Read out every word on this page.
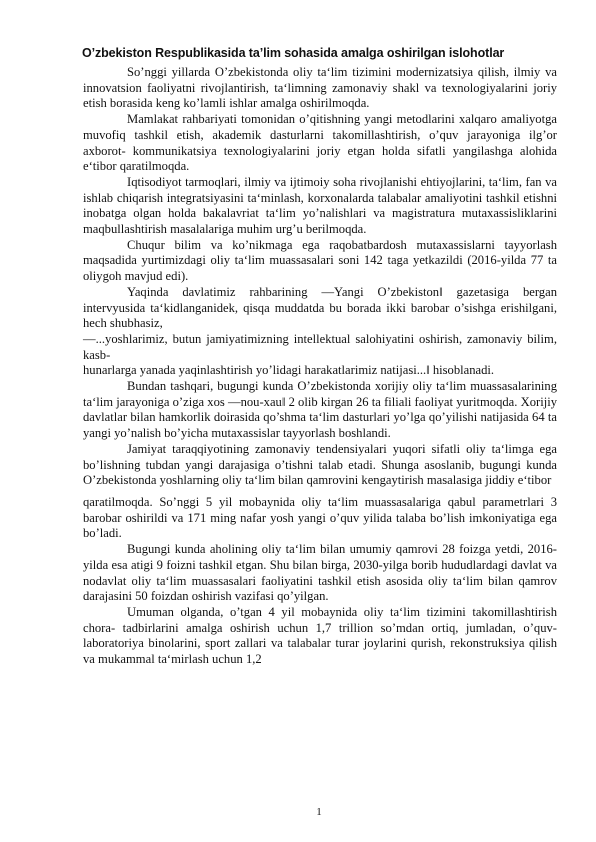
O’zbekiston Respublikasida ta’lim sohasida amalga oshirilgan islohotlar

So’nggi yillarda O’zbekistonda oliy ta‘lim tizimini modernizatsiya qilish, ilmiy va innovatsion faoliyatni rivojlantirish, ta‘limning zamonaviy shakl va texnologiyalarini joriy etish borasida keng ko’lamli ishlar amalga oshirilmoqda.

Mamlakat rahbariyati tomonidan o’qitishning yangi metodlarini xalqaro amaliyotga muvofiq tashkil etish, akademik dasturlarni takomillashtirish, o’quv jarayoniga ilg’or axborot- kommunikatsiya texnologiyalarini joriy etgan holda sifatli yangilashga alohida e‘tibor qaratilmoqda.

Iqtisodiyot tarmoqlari, ilmiy va ijtimoiy soha rivojlanishi ehtiyojlarini, ta‘lim, fan va ishlab chiqarish integratsiyasini ta‘minlash, korxonalarda talabalar amaliyotini tashkil etishni inobatga olgan holda bakalavriat ta‘lim yo’nalishlari va magistratura mutaxassisliklarini maqbullashtirish masalalariga muhim urg’u berilmoqda.

Chuqur bilim va ko’nikmaga ega raqobatbardosh mutaxassislarni tayyorlash maqsadida yurtimizdagi oliy ta‘lim muassasalari soni 142 taga yetkazildi (2016-yilda 77 ta oliygoh mavjud edi).

Yaqinda davlatimiz rahbarining ―Yangi O’zbekiston‖ gazetasiga bergan intervyusida ta‘kidlanganidek, qisqa muddatda bu borada ikki barobar o’sishga erishilgani, hech shubhasiz,

―...yoshlarimiz, butun jamiyatimizning intellektual salohiyatini oshirish, zamonaviy bilim, kasb-

hunarlarga yanada yaqinlashtirish yo’lidagi harakatlarimiz natijasi...‖ hisoblanadi.

Bundan tashqari, bugungi kunda O’zbekistonda xorijiy oliy ta‘lim muassasalarining ta‘lim jarayoniga o’ziga xos ―nou-xau‖ 2 olib kirgan 26 ta filiali faoliyat yuritmoqda. Xorijiy davlatlar bilan hamkorlik doirasida qo’shma ta‘lim dasturlari yo’lga qo’yilishi natijasida 64 ta yangi yo’nalish bo’yicha mutaxassislar tayyorlash boshlandi.

Jamiyat taraqqiyotining zamonaviy tendensiyalari yuqori sifatli oliy ta‘limga ega bo’lishning tubdan yangi darajasiga o’tishni talab etadi. Shunga asoslanib, bugungi kunda O’zbekistonda yoshlarning oliy ta‘lim bilan qamrovini kengaytirish masalasiga jiddiy e‘tibor

qaratilmoqda. So’nggi 5 yil mobaynida oliy ta‘lim muassasalariga qabul parametrlari 3 barobar oshirildi va 171 ming nafar yosh yangi o’quv yilida talaba bo’lish imkoniyatiga ega bo’ladi.

Bugungi kunda aholining oliy ta‘lim bilan umumiy qamrovi 28 foizga yetdi, 2016-yilda esa atigi 9 foizni tashkil etgan. Shu bilan birga, 2030-yilga borib hududlardagi davlat va nodavlat oliy ta‘lim muassasalari faoliyatini tashkil etish asosida oliy ta‘lim bilan qamrov darajasini 50 foizdan oshirish vazifasi qo’yilgan.

Umuman olganda, o’tgan 4 yil mobaynida oliy ta‘lim tizimini takomillashtirish chora- tadbirlarini amalga oshirish uchun 1,7 trillion so’mdan ortiq, jumladan, o’quv-laboratoriya binolarini, sport zallari va talabalar turar joylarini qurish, rekonstruksiya qilish va mukammal ta‘mirlash uchun 1,2

1
